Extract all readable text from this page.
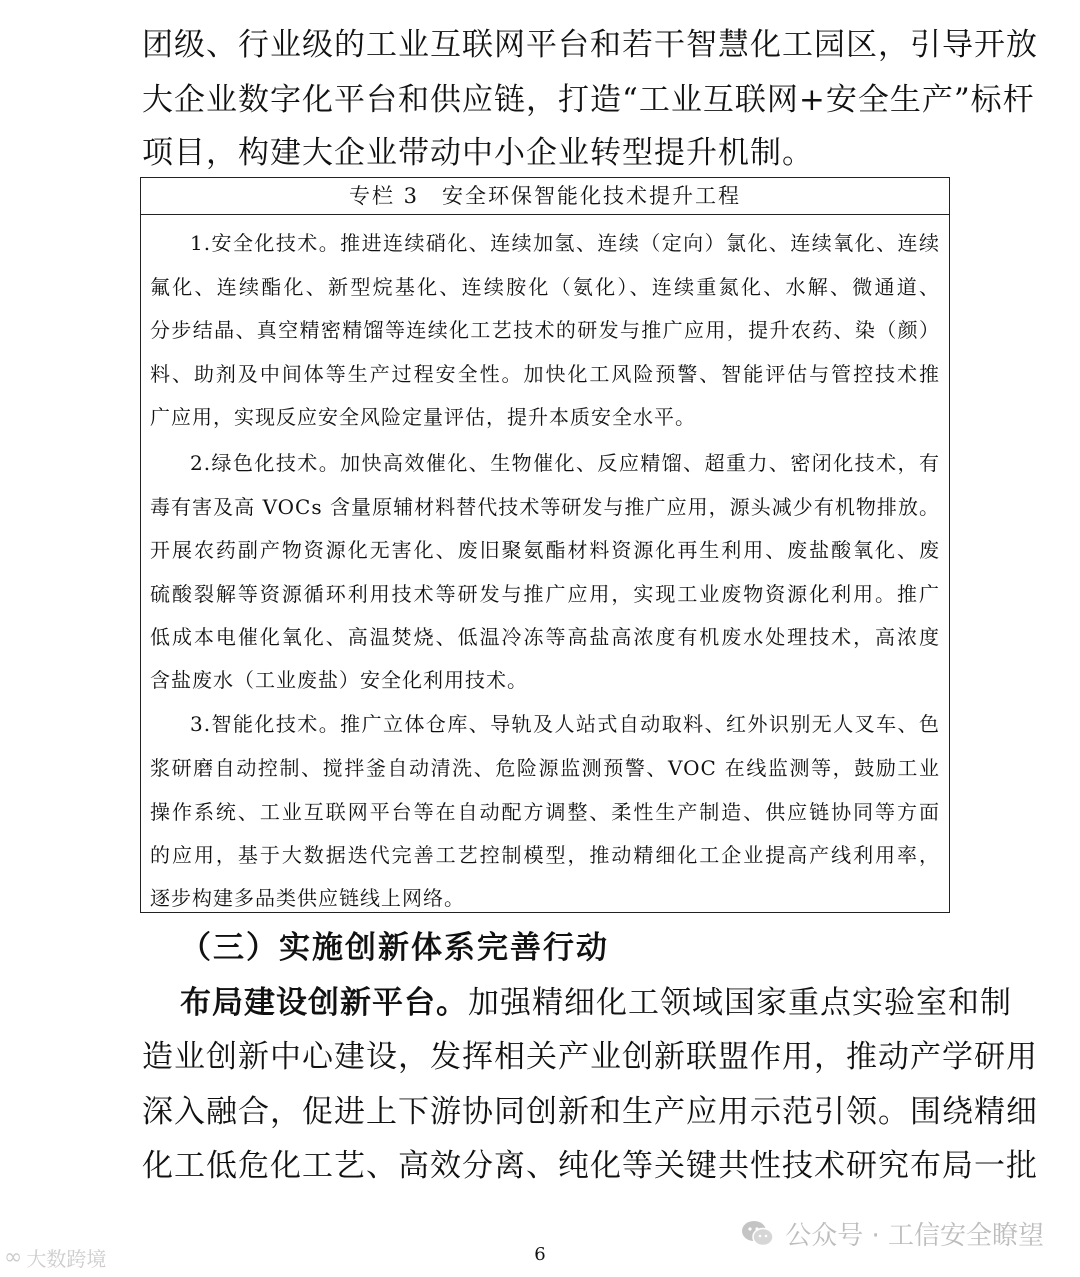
团级、行业级的工业互联网平台和若干智慧化工园区，引导开放
大企业数字化平台和供应链，打造“工业互联网+安全生产”标杆
项目，构建大企业带动中小企业转型提升机制。
专栏 3　安全环保智能化技术提升工程
1.安全化技术。推进连续硝化、连续加氢、连续（定向）氯化、连续氧化、连续
氟化、连续酯化、新型烷基化、连续胺化（氨化）、连续重氮化、水解、微通道、
分步结晶、真空精密精馏等连续化工艺技术的研发与推广应用，提升农药、染（颜）
料、助剂及中间体等生产过程安全性。加快化工风险预警、智能评估与管控技术推
广应用，实现反应安全风险定量评估，提升本质安全水平。
2.绿色化技术。加快高效催化、生物催化、反应精馏、超重力、密闭化技术，有
毒有害及高 VOCs 含量原辅材料替代技术等研发与推广应用，源头减少有机物排放。
开展农药副产物资源化无害化、废旧聚氨酯材料资源化再生利用、废盐酸氧化、废
硫酸裂解等资源循环利用技术等研发与推广应用，实现工业废物资源化利用。推广
低成本电催化氧化、高温焚烧、低温冷冻等高盐高浓度有机废水处理技术，高浓度
含盐废水（工业废盐）安全化利用技术。
3.智能化技术。推广立体仓库、导轨及人站式自动取料、红外识别无人叉车、色
浆研磨自动控制、搅拌釜自动清洗、危险源监测预警、VOC 在线监测等，鼓励工业
操作系统、工业互联网平台等在自动配方调整、柔性生产制造、供应链协同等方面
的应用，基于大数据迭代完善工艺控制模型，推动精细化工企业提高产线利用率，
逐步构建多品类供应链线上网络。
（三）实施创新体系完善行动
布局建设创新平台。加强精细化工领域国家重点实验室和制
造业创新中心建设，发挥相关产业创新联盟作用，推动产学研用
深入融合，促进上下游协同创新和生产应用示范引领。围绕精细
化工低危化工艺、高效分离、纯化等关键共性技术研究布局一批
6
∞ 大数跨境
公众号 · 工信安全瞭望
